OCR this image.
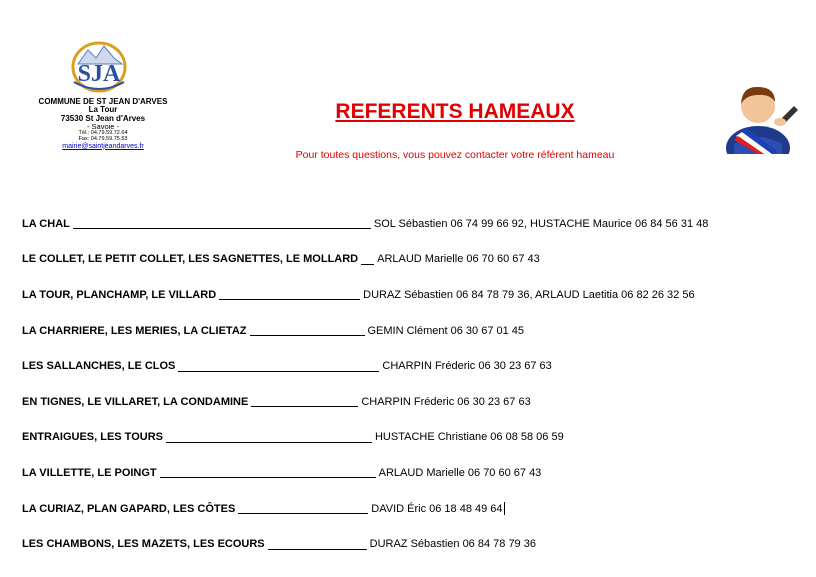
SJA
COMMUNE DE ST JEAN D'ARVES
La Tour
73530 St Jean d'Arves
- Savoie -
Tél.: 04.79.59.72.64
Fax: 04.79.59.75.53
mairie@saintjeandarves.fr
REFERENTS HAMEAUX
Pour toutes questions, vous pouvez contacter votre référent hameau
LA CHAL	SOL Sébastien 06 74 99 66 92, HUSTACHE Maurice 06 84 56 31 48
LE COLLET, LE PETIT COLLET, LES SAGNETTES, LE MOLLARD ARLAUD Marielle 06 70 60 67 43
LA TOUR, PLANCHAMP, LE VILLARD	DURAZ Sébastien 06 84 78 79 36, ARLAUD Laetitia 06 82 26 32 56
LA CHARRIERE, LES MERIES, LA CLIETAZ	GEMIN Clément 06 30 67 01 45
LES SALLANCHES, LE CLOS	CHARPIN Fréderic 06 30 23 67 63
EN TIGNES, LE VILLARET, LA CONDAMINE	CHARPIN Fréderic 06 30 23 67 63
ENTRAIGUES, LES TOURS	HUSTACHE Christiane 06 08 58 06 59
LA VILLETTE, LE POINGT	ARLAUD Marielle 06 70 60 67 43
LA CURIAZ, PLAN GAPARD, LES CÔTES	DAVID Éric 06 18 48 49 64
LES CHAMBONS, LES MAZETS, LES ECOURS	DURAZ Sébastien 06 84 78 79 36
